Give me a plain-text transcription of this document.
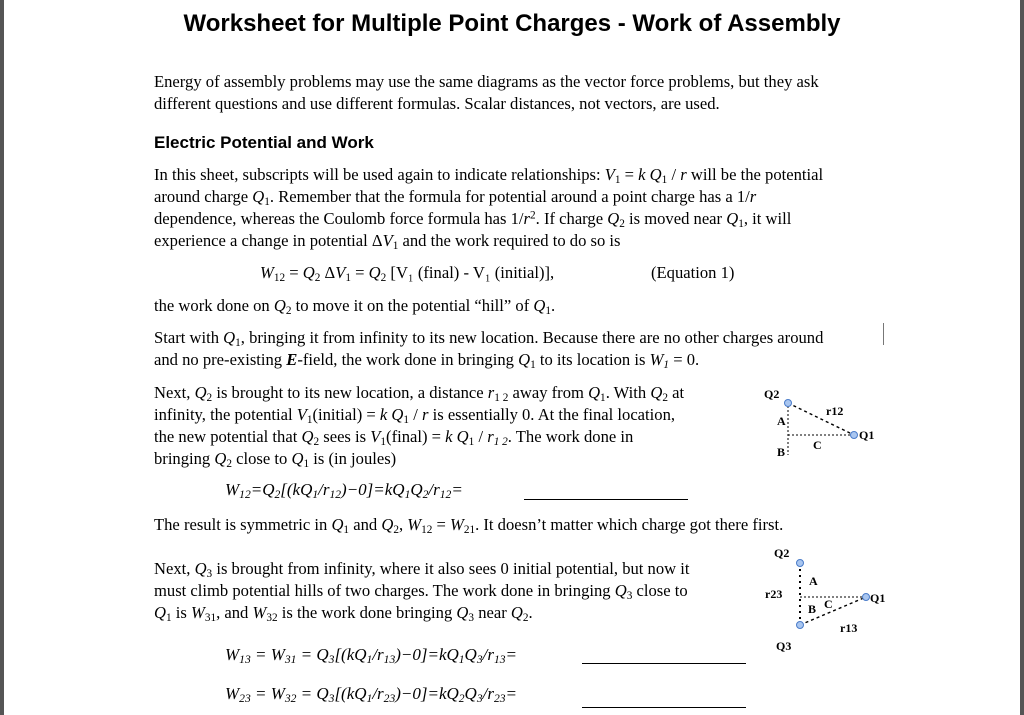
Worksheet for Multiple Point Charges - Work of Assembly
Energy of assembly problems may use the same diagrams as the vector force problems, but they ask
different questions and use different formulas. Scalar distances, not vectors, are used.
Electric Potential and Work
In this sheet, subscripts will be used again to indicate relationships: $V_1 = k$ $Q_1$ / r will be the potential
around charge $Q_1$. Remember that the formula for potential around a point charge has a 1/r
dependence, whereas the Coulomb force formula has $1/r^2$. If charge $Q_2$ is moved near $Q_1$, it will
experience a change in potential $\Delta V_1$ and the work required to do so is
$W_{12} = Q_2$ $\Delta V_1 = Q_2$ [V₁ (final) - V₁ (initial)],	(Equation 1)
the work done on $Q_2$ to move it on the potential “hill” of $Q_1$.
Start with $Q_1$, bringing it from infinity to its new location. Because there are no other charges around
and no pre-existing E-field, the work done in bringing $Q_1$ to its location is $W_1 = 0$.
Next, $Q_2$ is brought to its new location, a distance $r_{1 2}$ away from $Q_1$. With $Q_2$ at
infinity, the potential $V_1(initial) = k$ $Q_1$ / r is essentially 0. At the final location,
the new potential that $Q_2$ sees is $V_1(final) = k$ $Q_1 / r_{1 2}$. The work done in
bringing $Q_2$ close to $Q_1$ is (in joules)
$W_{12}=Q_2[(kQ_1/r_{12})-0]=kQ_1Q_2/r_{12}=$
The result is symmetric in $Q_1$ and $Q_2$, $W_{12} = W_{21}$. It doesn’t matter which charge got there first.
Next, $Q_3$ is brought from infinity, where it also sees 0 initial potential, but now it
must climb potential hills of two charges. The work done in bringing $Q_3$ close to
$Q_1$ is $W_{31}$, and $W_{32}$ is the work done bringing $Q_3$ near $Q_2$.
$W_{13} = W_{31} = Q_3[(kQ_1/r_{13})-0]=kQ_1Q_3/r_{13}=$
$W_{23} = W_{32} = Q_3[(kQ_1/r_{23})-0]=kQ_2Q_3/r_{23}=$
Q2
r12
A
Q1
C
B
Q2
A
r23	Q1
B C
r13
Q3
